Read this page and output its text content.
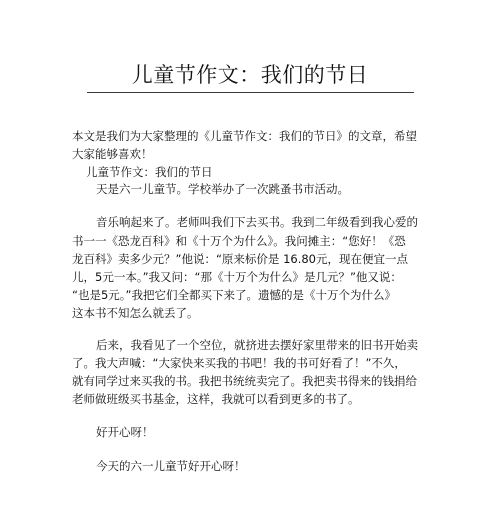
儿童节作文：我们的节日
本文是我们为大家整理的《儿童节作文：我们的节日》的文章，希望
大家能够喜欢！
儿童节作文：我们的节日
天是六一儿童节。学校举办了一次跳蚤书市活动。
音乐响起来了。老师叫我们下去买书。我到二年级看到我心爱的
书一一《恐龙百科》和《十万个为什么》。我问摊主：“您好！《恐
龙百科》卖多少元？”他说：“原来标价是 16.80元，现在便宜一点
儿，5元一本。”我又问：“那《十万个为什么》是几元？”他又说：
“也是5元。”我把它们全都买下来了。遗憾的是《十万个为什么》
这本书不知怎么就丢了。
后来，我看见了一个空位，就挤进去摆好家里带来的旧书开始卖
了。我大声喊：“大家快来买我的书吧！我的书可好看了！”不久，
就有同学过来买我的书。我把书统统卖完了。我把卖书得来的钱捐给
老师做班级买书基金，这样，我就可以看到更多的书了。
好开心呀！
今天的六一儿童节好开心呀！
